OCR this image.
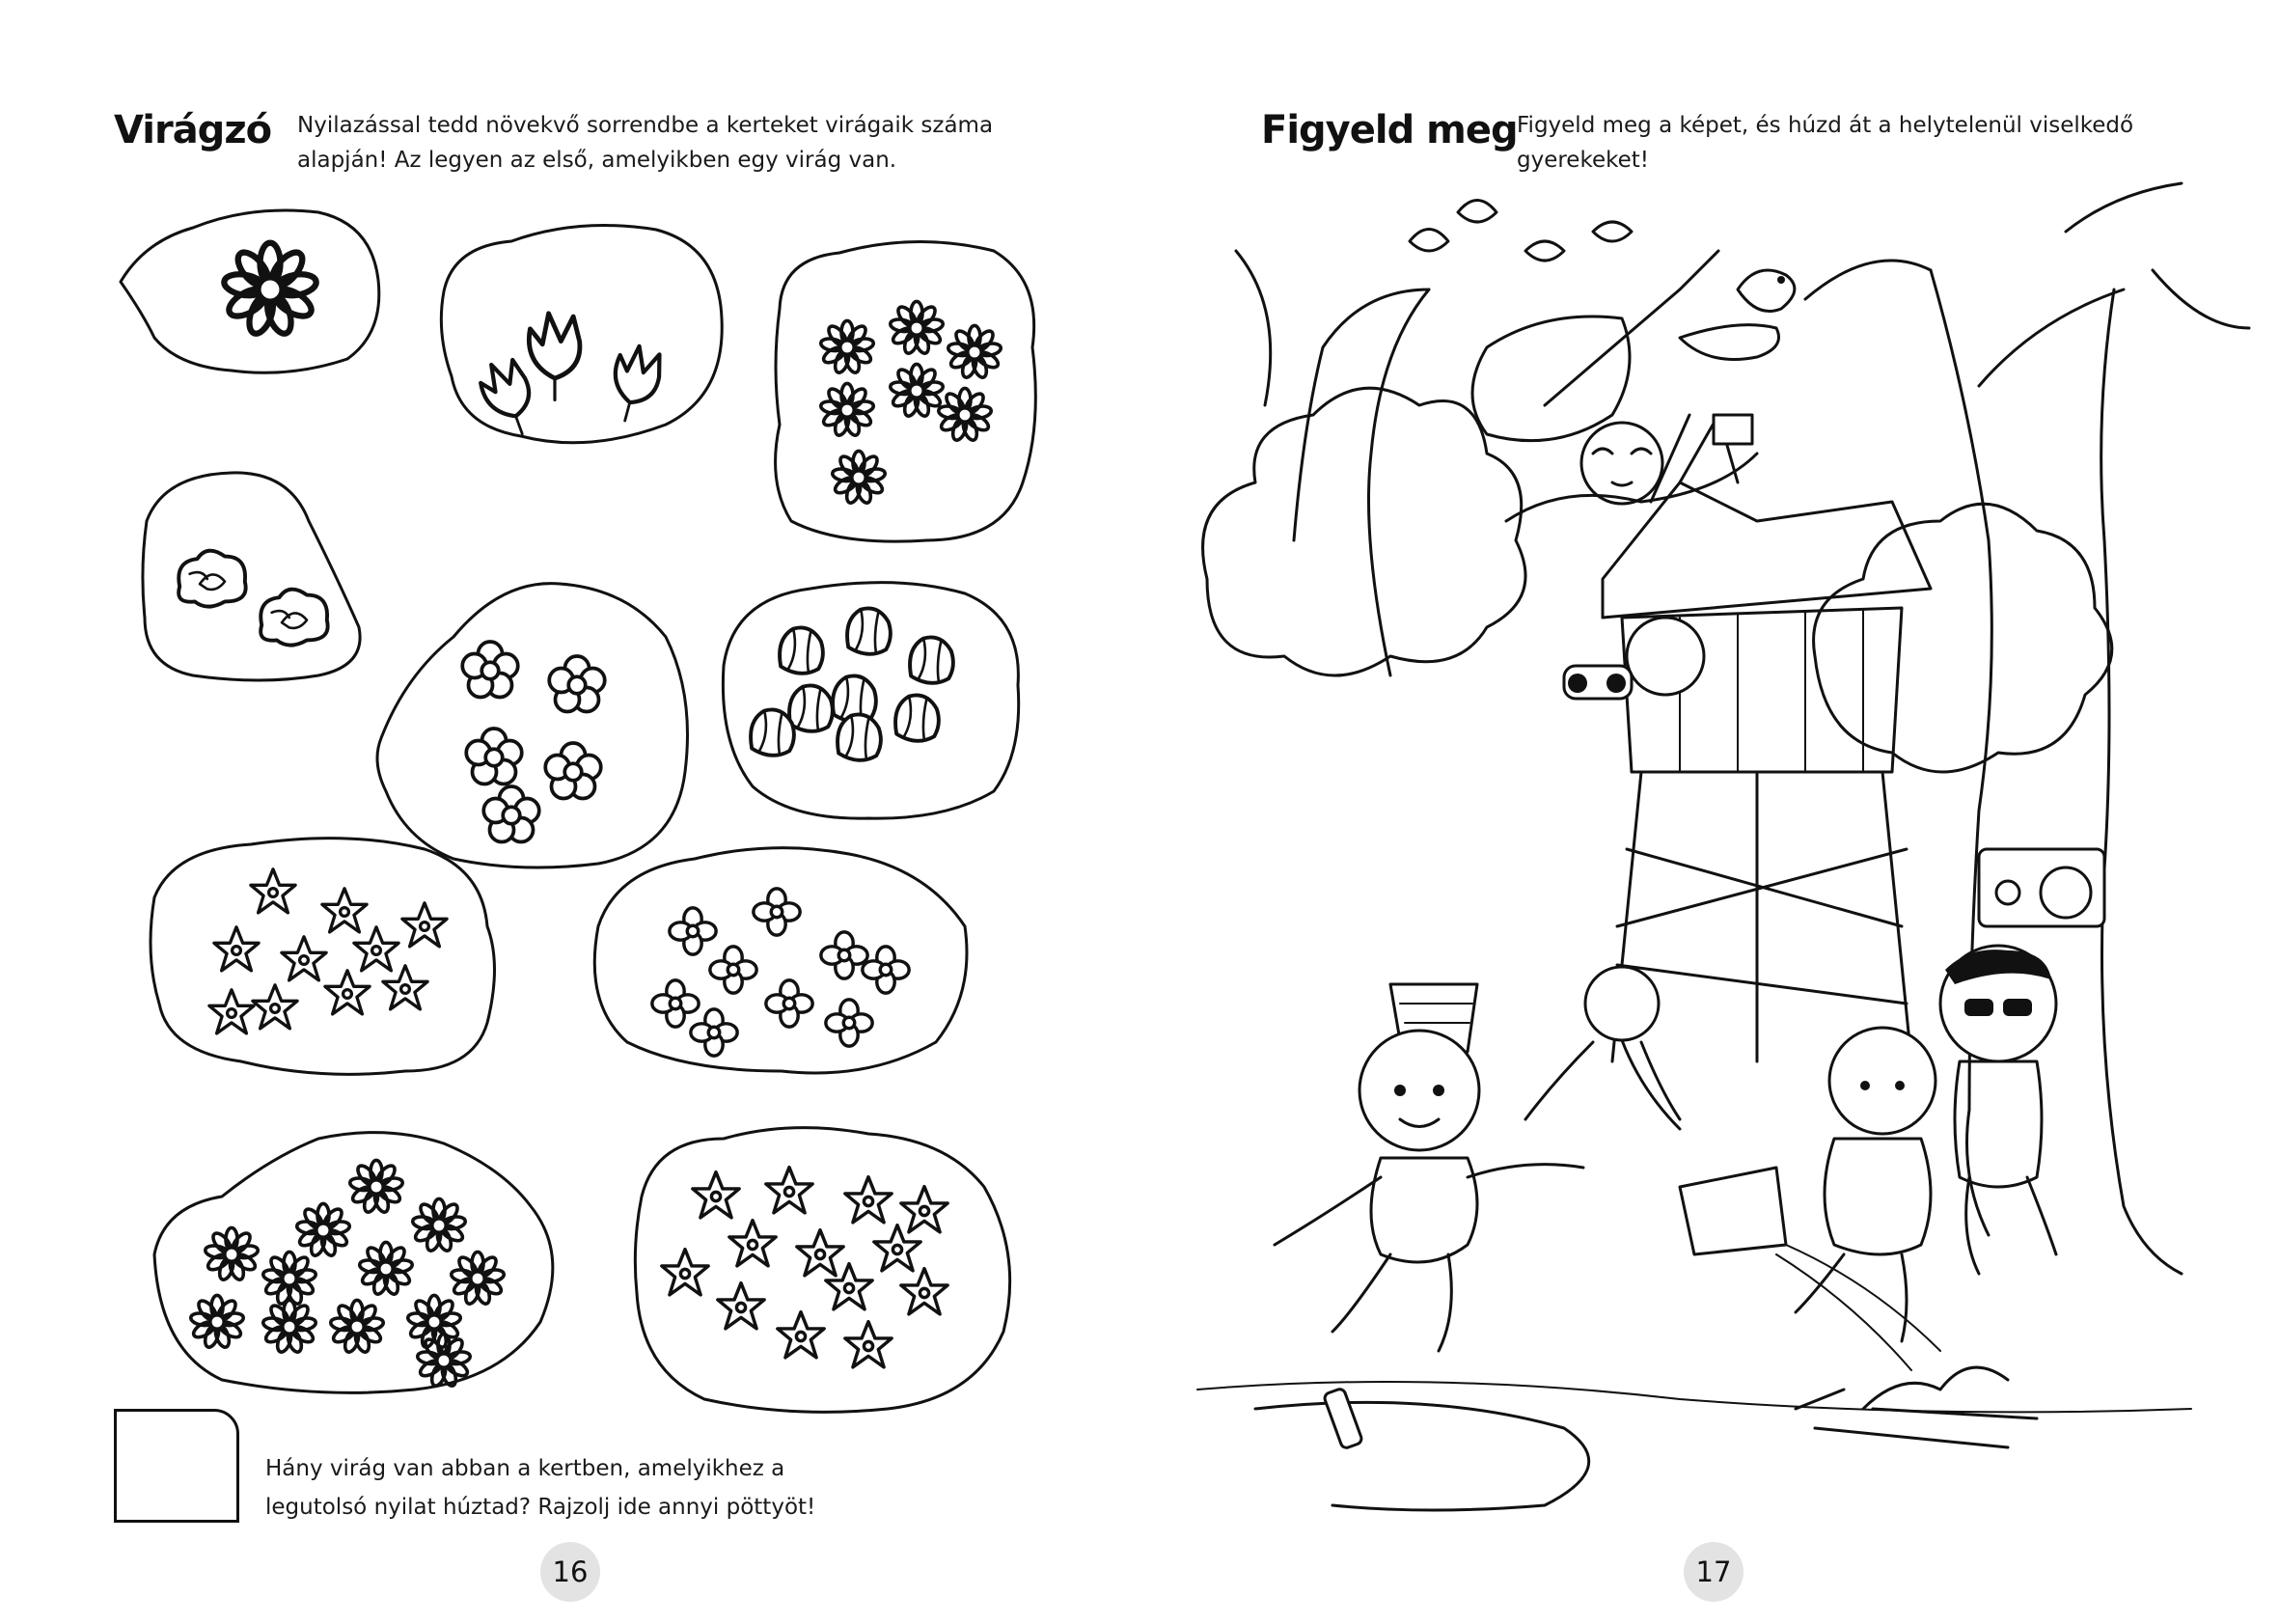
Virágzó Nyilazással tedd növekvő sorrendbe a kerteket virágaik száma
alapján! Az legyen az első, amelyikben egy virág van.
Hány virág van abban a kertben, amelyikhez a
legutolsó nyilat húztad? Rajzolj ide annyi pöttyöt!
16
Figyeld meg Figyeld meg a képet, és húzd át a helytelenül viselkedő
gyerekeket!
17
